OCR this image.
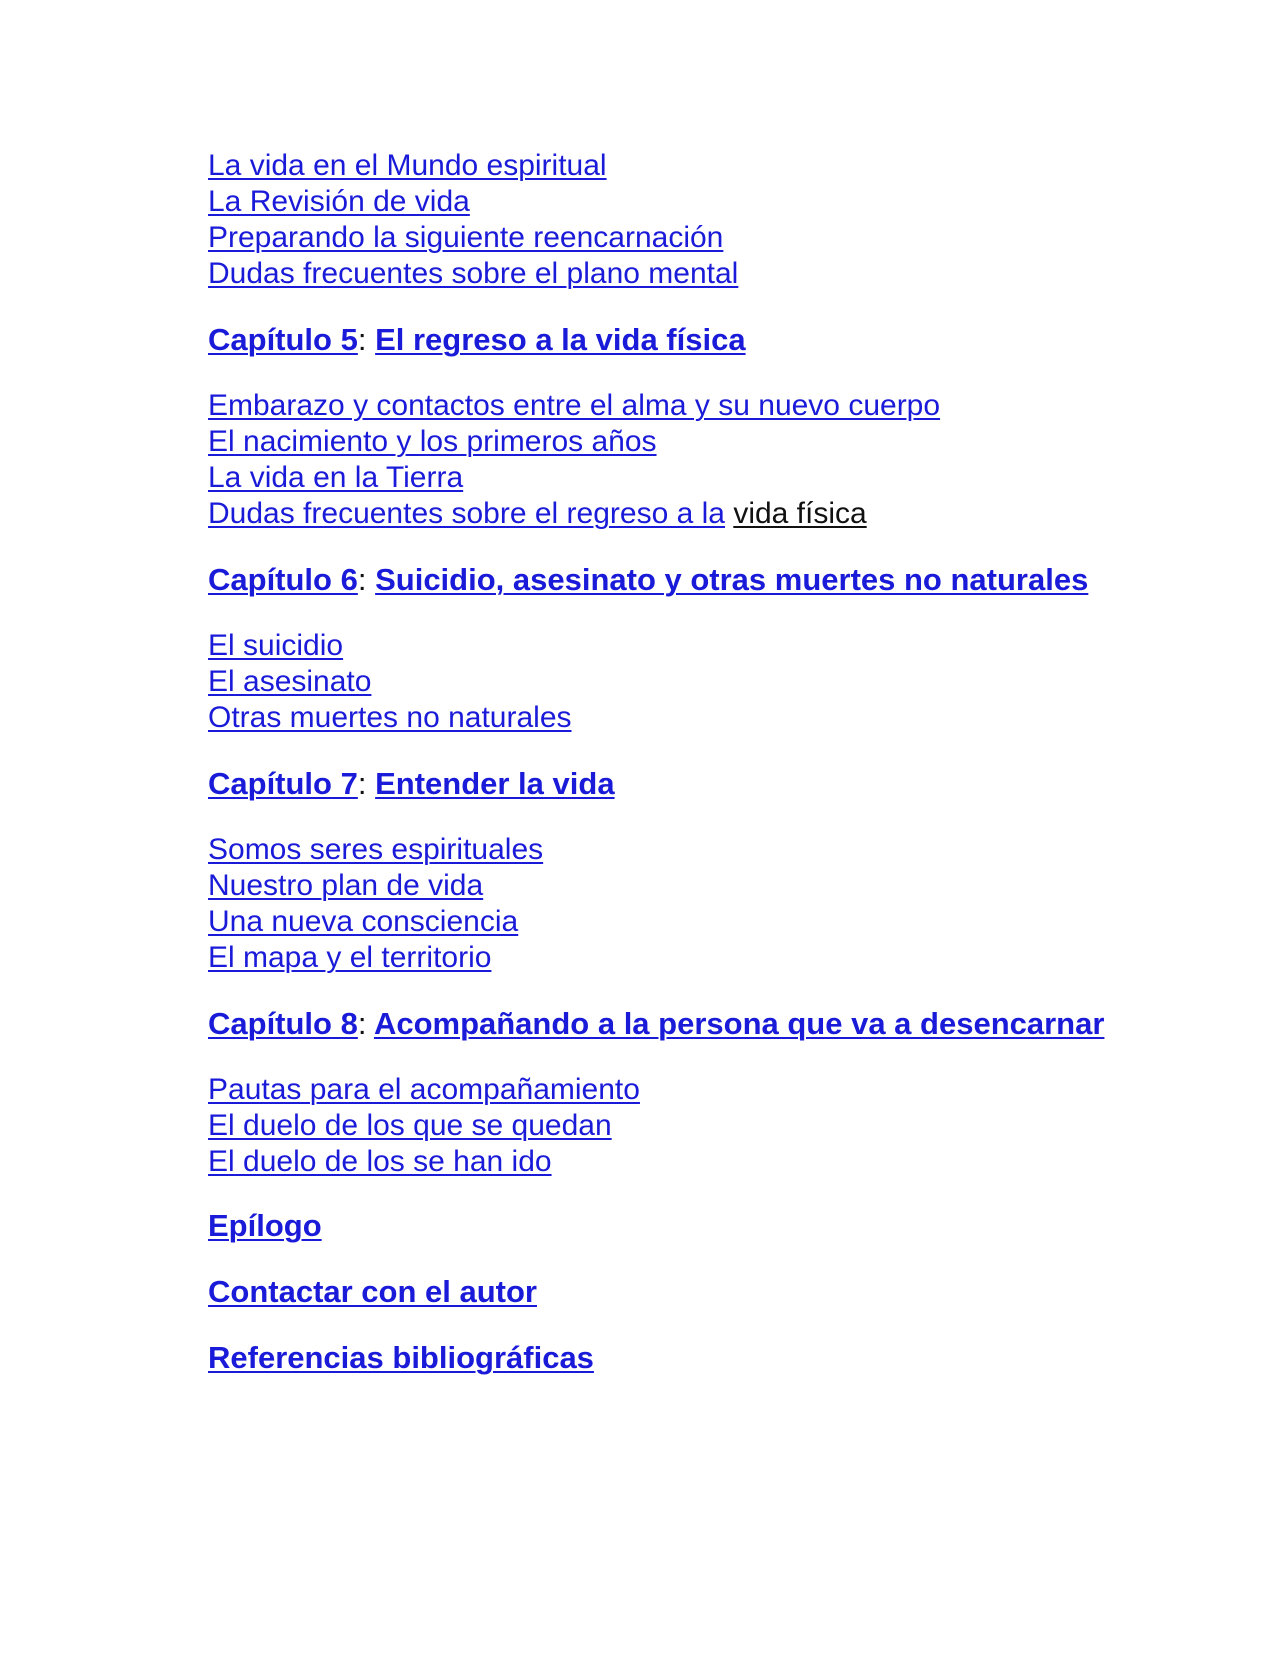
La vida en el Mundo espiritual
La Revisión de vida
Preparando la siguiente reencarnación
Dudas frecuentes sobre el plano mental
Capítulo 5: El regreso a la vida física
Embarazo y contactos entre el alma y su nuevo cuerpo
El nacimiento y los primeros años
La vida en la Tierra
Dudas frecuentes sobre el regreso a la vida física
Capítulo 6: Suicidio, asesinato y otras muertes no naturales
El suicidio
El asesinato
Otras muertes no naturales
Capítulo 7: Entender la vida
Somos seres espirituales
Nuestro plan de vida
Una nueva consciencia
El mapa y el territorio
Capítulo 8: Acompañando a la persona que va a desencarnar
Pautas para el acompañamiento
El duelo de los que se quedan
El duelo de los se han ido
Epílogo
Contactar con el autor
Referencias bibliográficas
